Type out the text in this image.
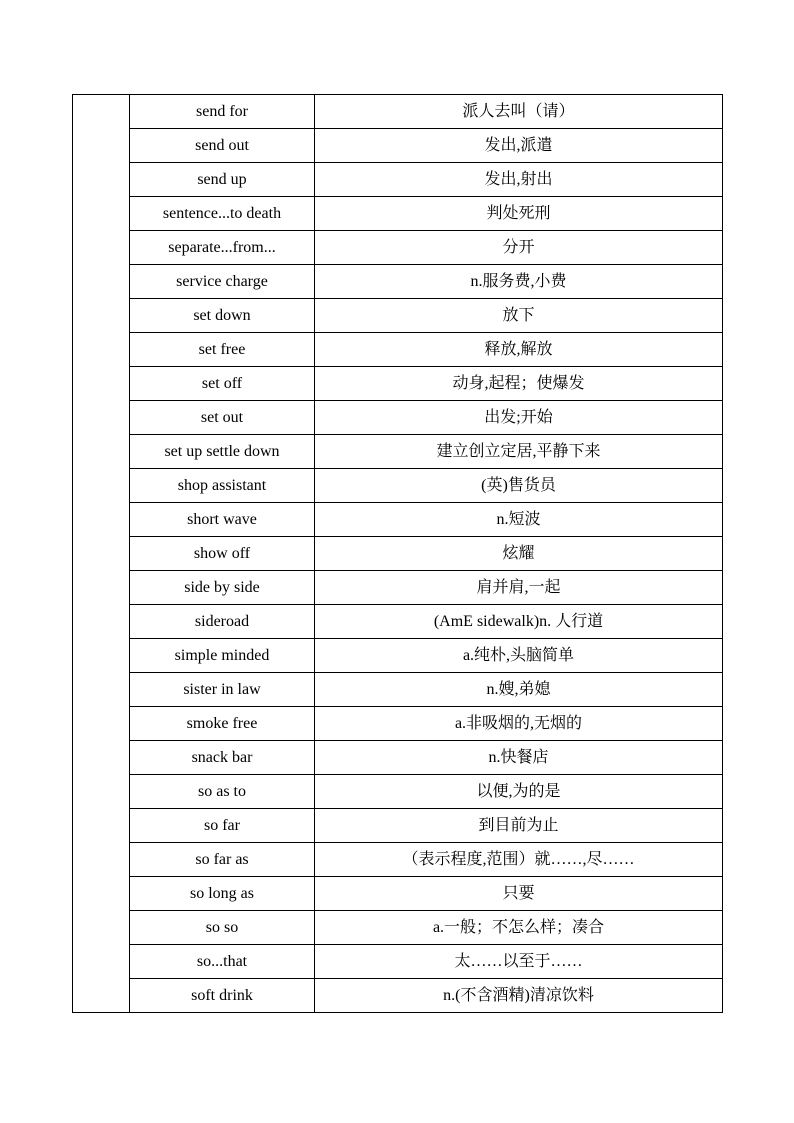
	send for	派人去叫（请）
	send out	发出,派遣
	send up	发出,射出
	sentence...to death	判处死刑
	separate...from...	分开
	service charge	n.服务费,小费
	set down	放下
	set free	释放,解放
	set off	动身,起程；使爆发
	set out	出发;开始
	set up settle down	建立创立定居,平静下来
	shop assistant	(英)售货员
	short wave	n.短波
	show off	炫耀
	side by side	肩并肩,一起
	sideroad	(AmE sidewalk)n. 人行道
	simple minded	a.纯朴,头脑简单
	sister in law	n.嫂,弟媳
	smoke free	a.非吸烟的,无烟的
	snack bar	n.快餐店
	so as to	以便,为的是
	so far	到目前为止
	so far as	（表示程度,范围）就……,尽……
	so long as	只要
	so so	a.一般；不怎么样；凑合
	so...that	太……以至于……
	soft drink	n.(不含酒精)清凉饮料
